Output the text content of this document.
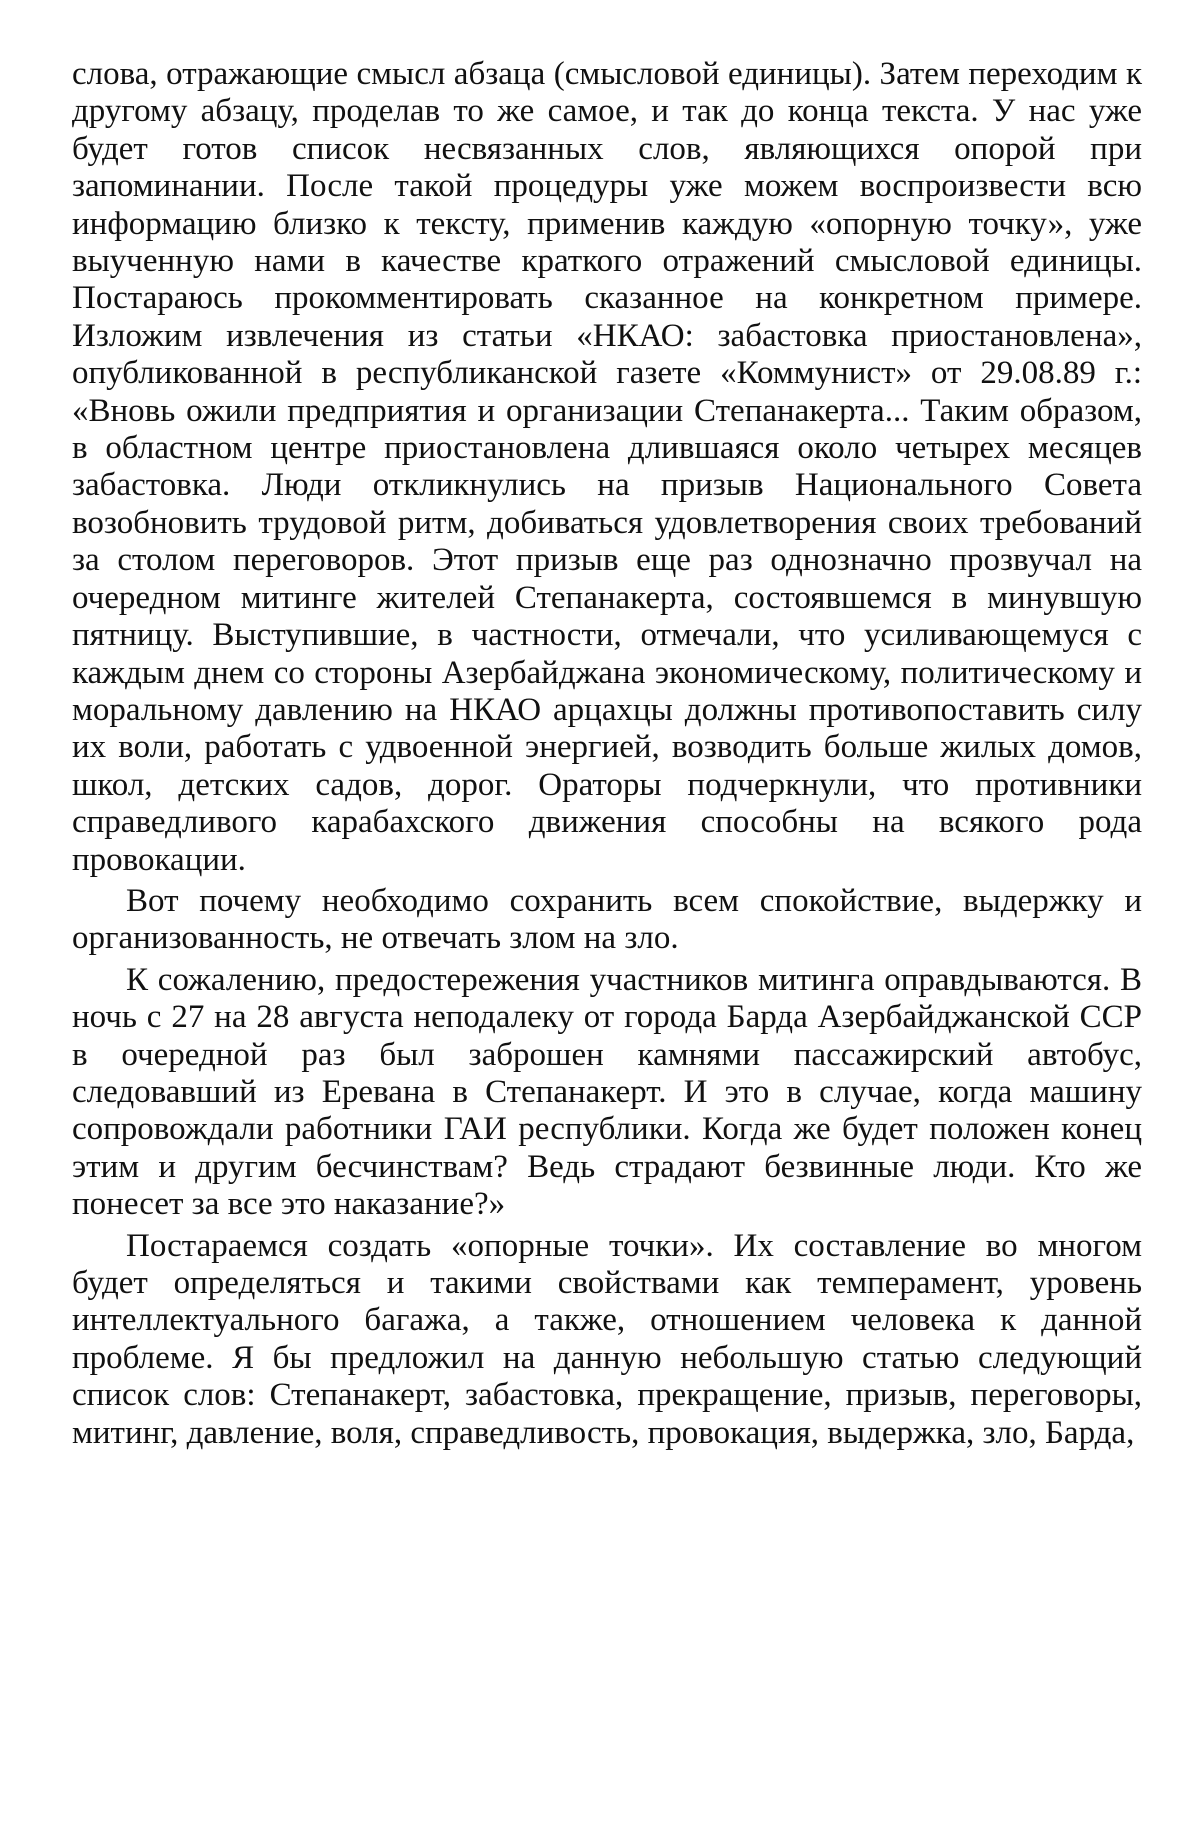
слова, отражающие смысл абзаца (смысловой единицы). Затем переходим к другому абзацу, проделав то же самое, и так до конца текста. У нас уже будет готов список несвязанных слов, являющихся опорой при запоминании. После такой процедуры уже можем воспроизвести всю информацию близко к тексту, применив каждую «опорную точку», уже выученную нами в качестве краткого отражений смысловой единицы. Постараюсь прокомментировать сказанное на конкретном примере. Изложим извлечения из статьи «НКАО: забастовка приостановлена», опубликованной в республиканской газете «Коммунист» от 29.08.89 г.: «Вновь ожили предприятия и организации Степанакерта... Таким образом, в областном центре приостановлена длившаяся около четырех месяцев забастовка. Люди откликнулись на призыв Национального Совета возобновить трудовой ритм, добиваться удовлетворения своих требований за столом переговоров. Этот призыв еще раз однозначно прозвучал на очередном митинге жителей Степанакерта, состоявшемся в минувшую пятницу. Выступившие, в частности, отмечали, что усиливающемуся с каждым днем со стороны Азербайджана экономическому, политическому и моральному давлению на НКАО арцахцы должны противопоставить силу их воли, работать с удвоенной энергией, возводить больше жилых домов, школ, детских садов, дорог. Ораторы подчеркнули, что противники справедливого карабахского движения способны на всякого рода провокации.

Вот почему необходимо сохранить всем спокойствие, выдержку и организованность, не отвечать злом на зло.

К сожалению, предостережения участников митинга оправдываются. В ночь с 27 на 28 августа неподалеку от города Барда Азербайджанской ССР в очередной раз был заброшен камнями пассажирский автобус, следовавший из Еревана в Степанакерт. И это в случае, когда машину сопровождали работники ГАИ республики. Когда же будет положен конец этим и другим бесчинствам? Ведь страдают безвинные люди. Кто же понесет за все это наказание?»

Постараемся создать «опорные точки». Их составление во многом будет определяться и такими свойствами как темперамент, уровень интеллектуального багажа, а также, отношением человека к данной проблеме. Я бы предложил на данную небольшую статью следующий список слов: Степанакерт, забастовка, прекращение, призыв, переговоры, митинг, давление, воля, справедливость, провокация, выдержка, зло, Барда,
